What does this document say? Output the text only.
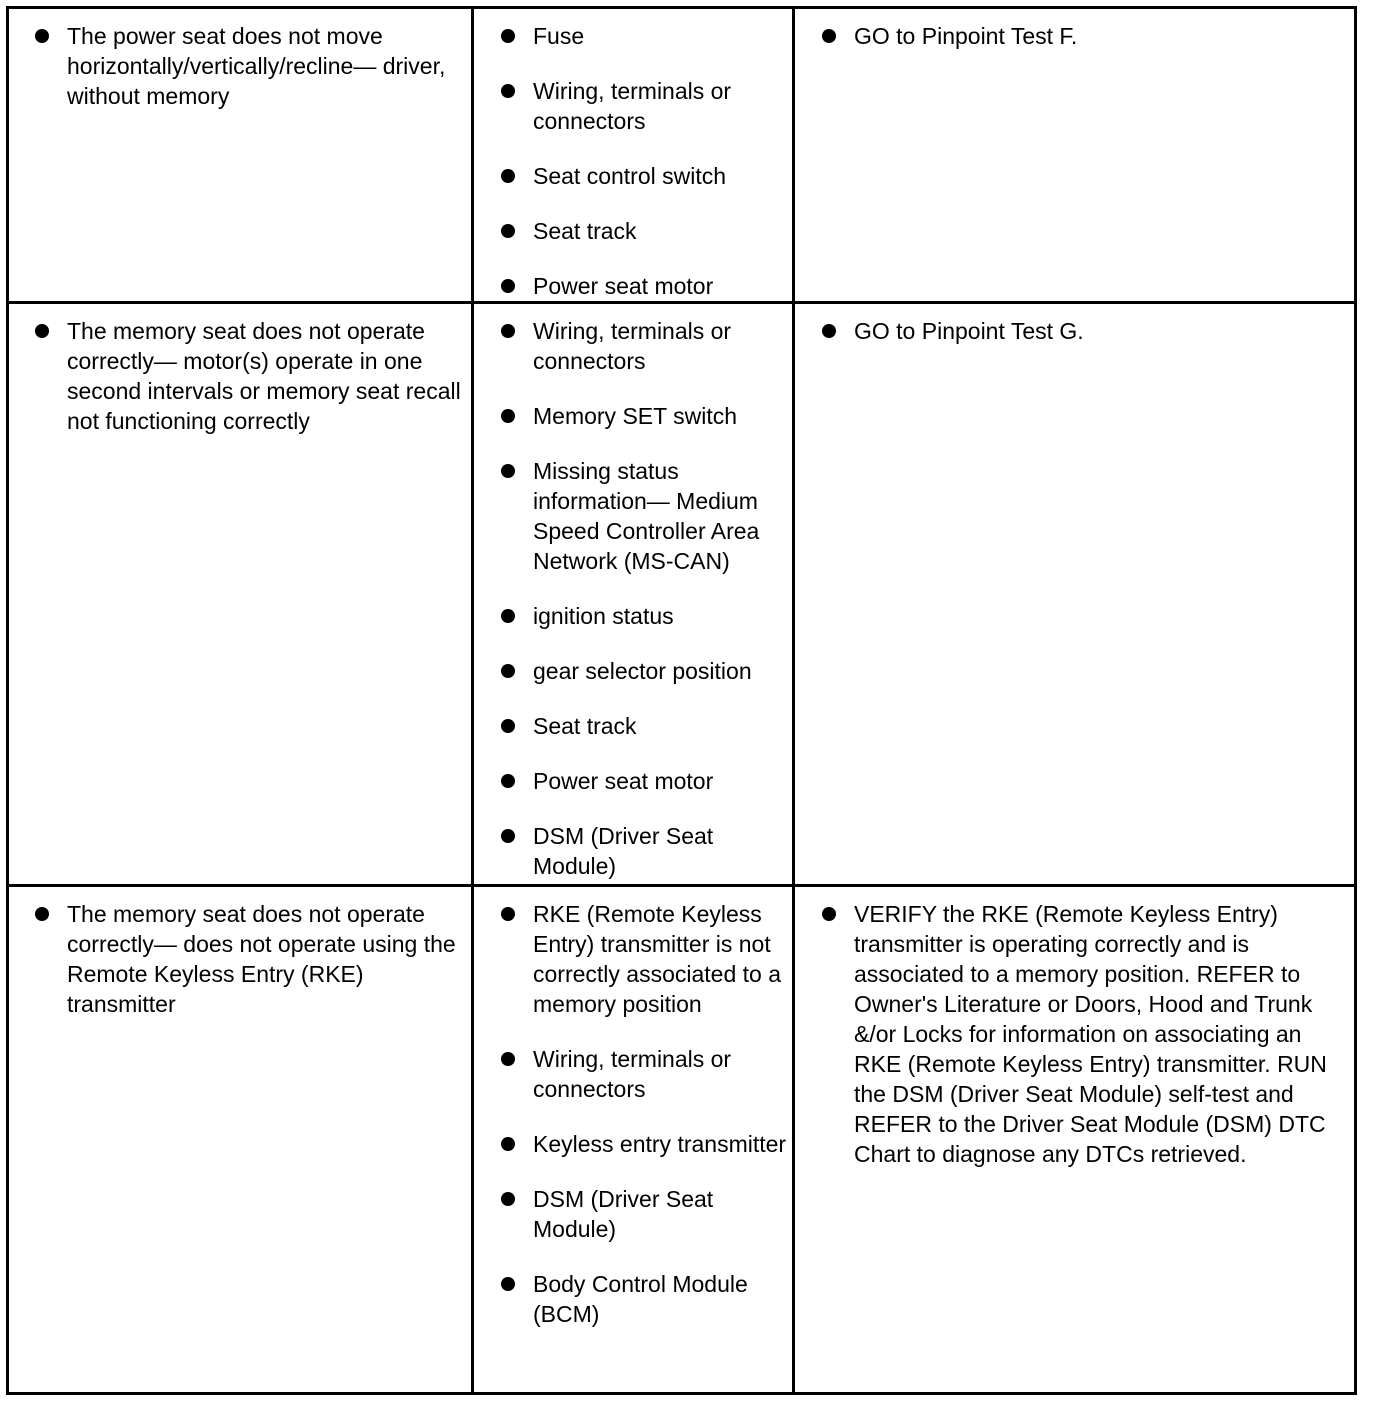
The power seat does not move horizontally/vertically/recline— driver, without memory
Fuse
Wiring, terminals or connectors
Seat control switch
Seat track
Power seat motor
GO to Pinpoint Test F.
The memory seat does not operate correctly— motor(s) operate in one second intervals or memory seat recall not functioning correctly
Wiring, terminals or connectors
Memory SET switch
Missing status information— Medium Speed Controller Area Network (MS-CAN)
ignition status
gear selector position
Seat track
Power seat motor
DSM (Driver Seat Module)
GO to Pinpoint Test G.
The memory seat does not operate correctly— does not operate using the Remote Keyless Entry (RKE) transmitter
RKE (Remote Keyless Entry) transmitter is not correctly associated to a memory position
Wiring, terminals or connectors
Keyless entry transmitter
DSM (Driver Seat Module)
Body Control Module (BCM)
VERIFY the RKE (Remote Keyless Entry) transmitter is operating correctly and is associated to a memory position. REFER to Owner's Literature or Doors, Hood and Trunk &/or Locks for information on associating an RKE (Remote Keyless Entry) transmitter. RUN the DSM (Driver Seat Module) self-test and REFER to the Driver Seat Module (DSM) DTC Chart to diagnose any DTCs retrieved.
